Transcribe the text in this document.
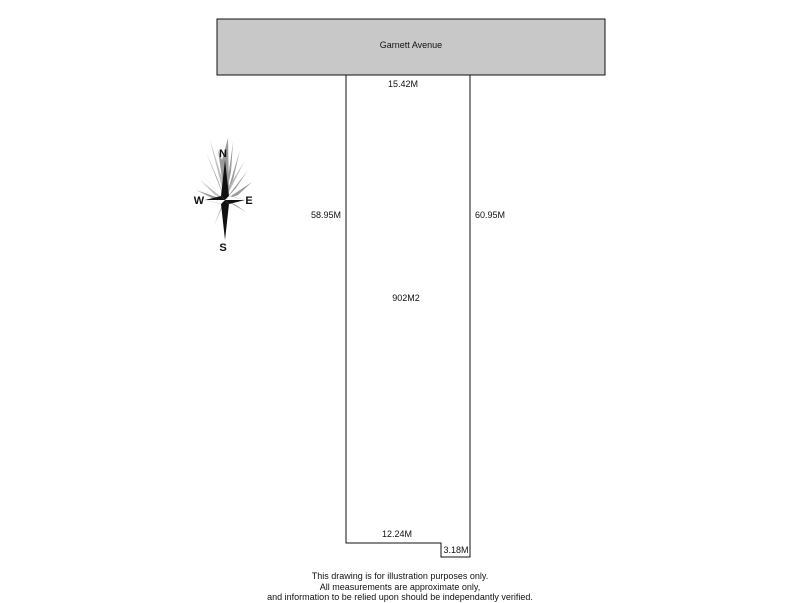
Garnett Avenue
15.42M
58.95M	60.95M
902M2
12.24M
3.18M
N
S
W	E
This drawing is for illustration purposes only.
All measurements are approximate only,
and information to be relied upon should be independantly verified.
